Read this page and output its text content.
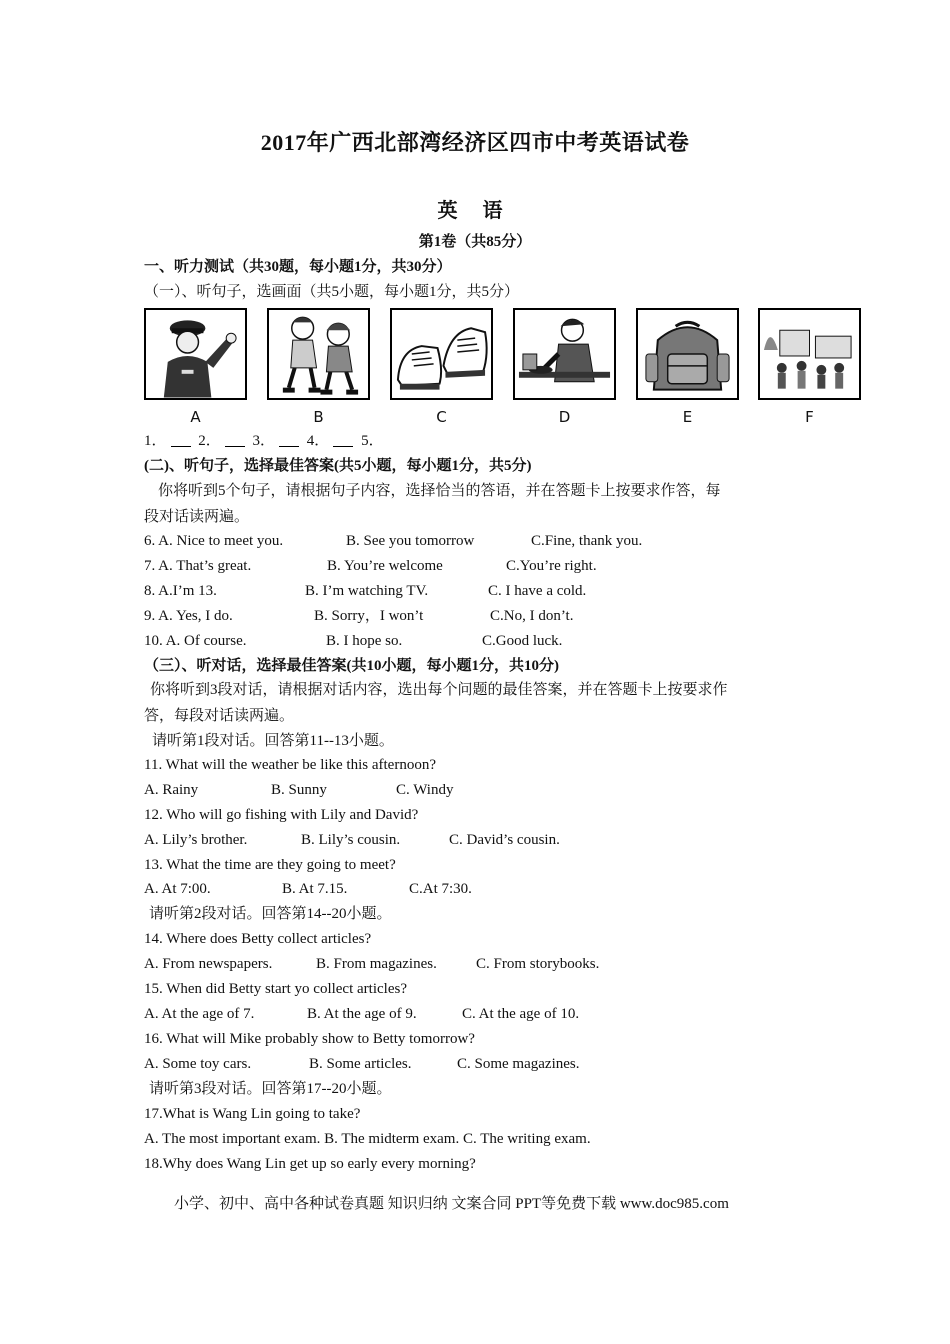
2017年广西北部湾经济区四市中考英语试卷
英 语
第1卷（共85分）
一、听力测试（共30题，每小题1分，共30分）
（一）、听句子，选画面（共5小题，每小题1分，共5分）
A	B	C	D	E	F
1． 2． 3． 4． 5．
(二)、听句子，选择最佳答案(共5小题，每小题1分，共5分)
你将听到5个句子，请根据句子内容，选择恰当的答语，并在答题卡上按要求作答，每
段对话读两遍。
6. A. Nice to meet you.	B. See you tomorrow	C.Fine, thank you.
7. A. That’s great.	B. You’re welcome	C.You’re right.
8. A.I’m 13.	B. I’m watching TV.	C. I have a cold.
9. A. Yes, I do.	B. Sorry，I won’t	C.No, I don’t.
10. A. Of course.	B. I hope so.	C.Good luck.
（三）、听对话，选择最佳答案(共10小题，每小题1分，共10分)
你将听到3段对话，请根据对话内容，选出每个问题的最佳答案，并在答题卡上按要求作
答，每段对话读两遍。
请听第1段对话。回答第11--13小题。
11. What will the weather be like this afternoon?
A. Rainy	B. Sunny	C. Windy
12. Who will go fishing with Lily and David?
A. Lily’s brother.	B. Lily’s cousin.	C. David’s cousin.
13. What the time are they going to meet?
A. At 7:00.	B. At 7.15.	C.At 7:30.
请听第2段对话。回答第14--20小题。
14. Where does Betty collect articles?
A. From newspapers.	B. From magazines.	C. From storybooks.
15. When did Betty start yo collect articles?
A. At the age of 7.	B. At the age of 9.	C. At the age of 10.
16. What will Mike probably show to Betty tomorrow?
A. Some toy cars.	B. Some articles.	C. Some magazines.
请听第3段对话。回答第17--20小题。
17.What is Wang Lin going to take?
A. The most important exam. B. The midterm exam. C. The writing exam.
18.Why does Wang Lin get up so early every morning?
小学、初中、高中各种试卷真题 知识归纳 文案合同 PPT等免费下载 www.doc985.com
